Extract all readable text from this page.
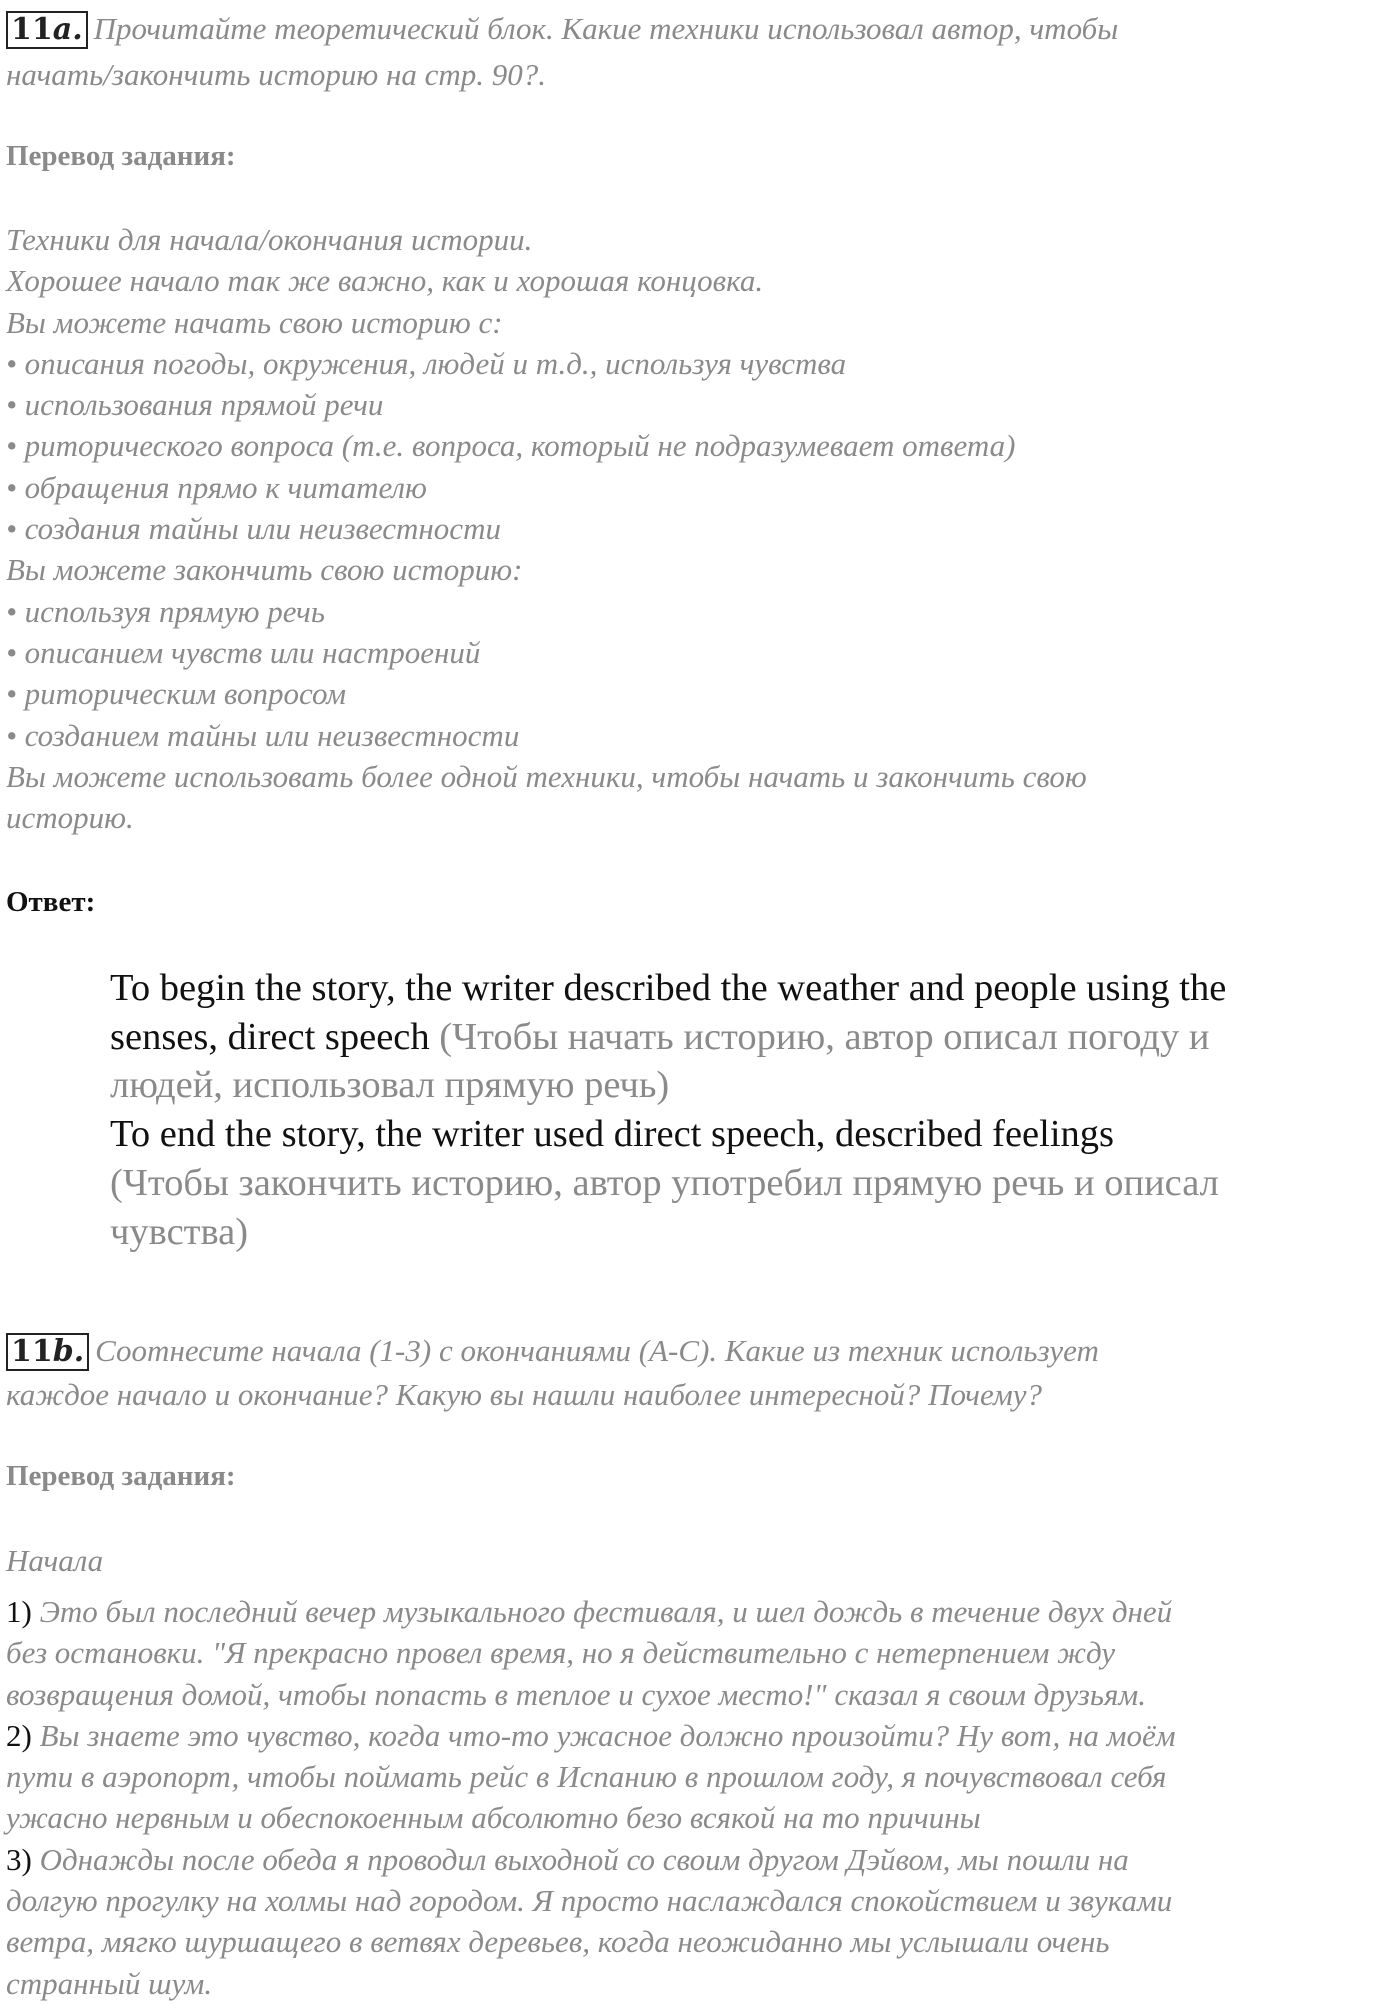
11a. Прочитайте теоретический блок. Какие техники использовал автор, чтобы
начать/закончить историю на стр. 90?.
Перевод задания:
Техники для начала/окончания истории.
Хорошее начало так же важно, как и хорошая концовка.
Вы можете начать свою историю с:
• описания погоды, окружения, людей и т.д., используя чувства
• использования прямой речи
• риторического вопроса (т.е. вопроса, который не подразумевает ответа)
• обращения прямо к читателю
• создания тайны или неизвестности
Вы можете закончить свою историю:
• используя прямую речь
• описанием чувств или настроений
• риторическим вопросом
• созданием тайны или неизвестности
Вы можете использовать более одной техники, чтобы начать и закончить свою
историю.
Ответ:
To begin the story, the writer described the weather and people using the
senses, direct speech (Чтобы начать историю, автор описал погоду и
людей, использовал прямую речь)
To end the story, the writer used direct speech, described feelings
(Чтобы закончить историю, автор употребил прямую речь и описал
чувства)
11b. Соотнесите начала (1-3) с окончаниями (A-C). Какие из техник использует
каждое начало и окончание? Какую вы нашли наиболее интересной? Почему?
Перевод задания:
Начала
1) Это был последний вечер музыкального фестиваля, и шел дождь в течение двух дней
без остановки. "Я прекрасно провел время, но я действительно с нетерпением жду
возвращения домой, чтобы попасть в теплое и сухое место!" сказал я своим друзьям.
2) Вы знаете это чувство, когда что-то ужасное должно произойти? Ну вот, на моём
пути в аэропорт, чтобы поймать рейс в Испанию в прошлом году, я почувствовал себя
ужасно нервным и обеспокоенным абсолютно безо всякой на то причины
3) Однажды после обеда я проводил выходной со своим другом Дэйвом, мы пошли на
долгую прогулку на холмы над городом. Я просто наслаждался спокойствием и звуками
ветра, мягко шуршащего в ветвях деревьев, когда неожиданно мы услышали очень
странный шум.
